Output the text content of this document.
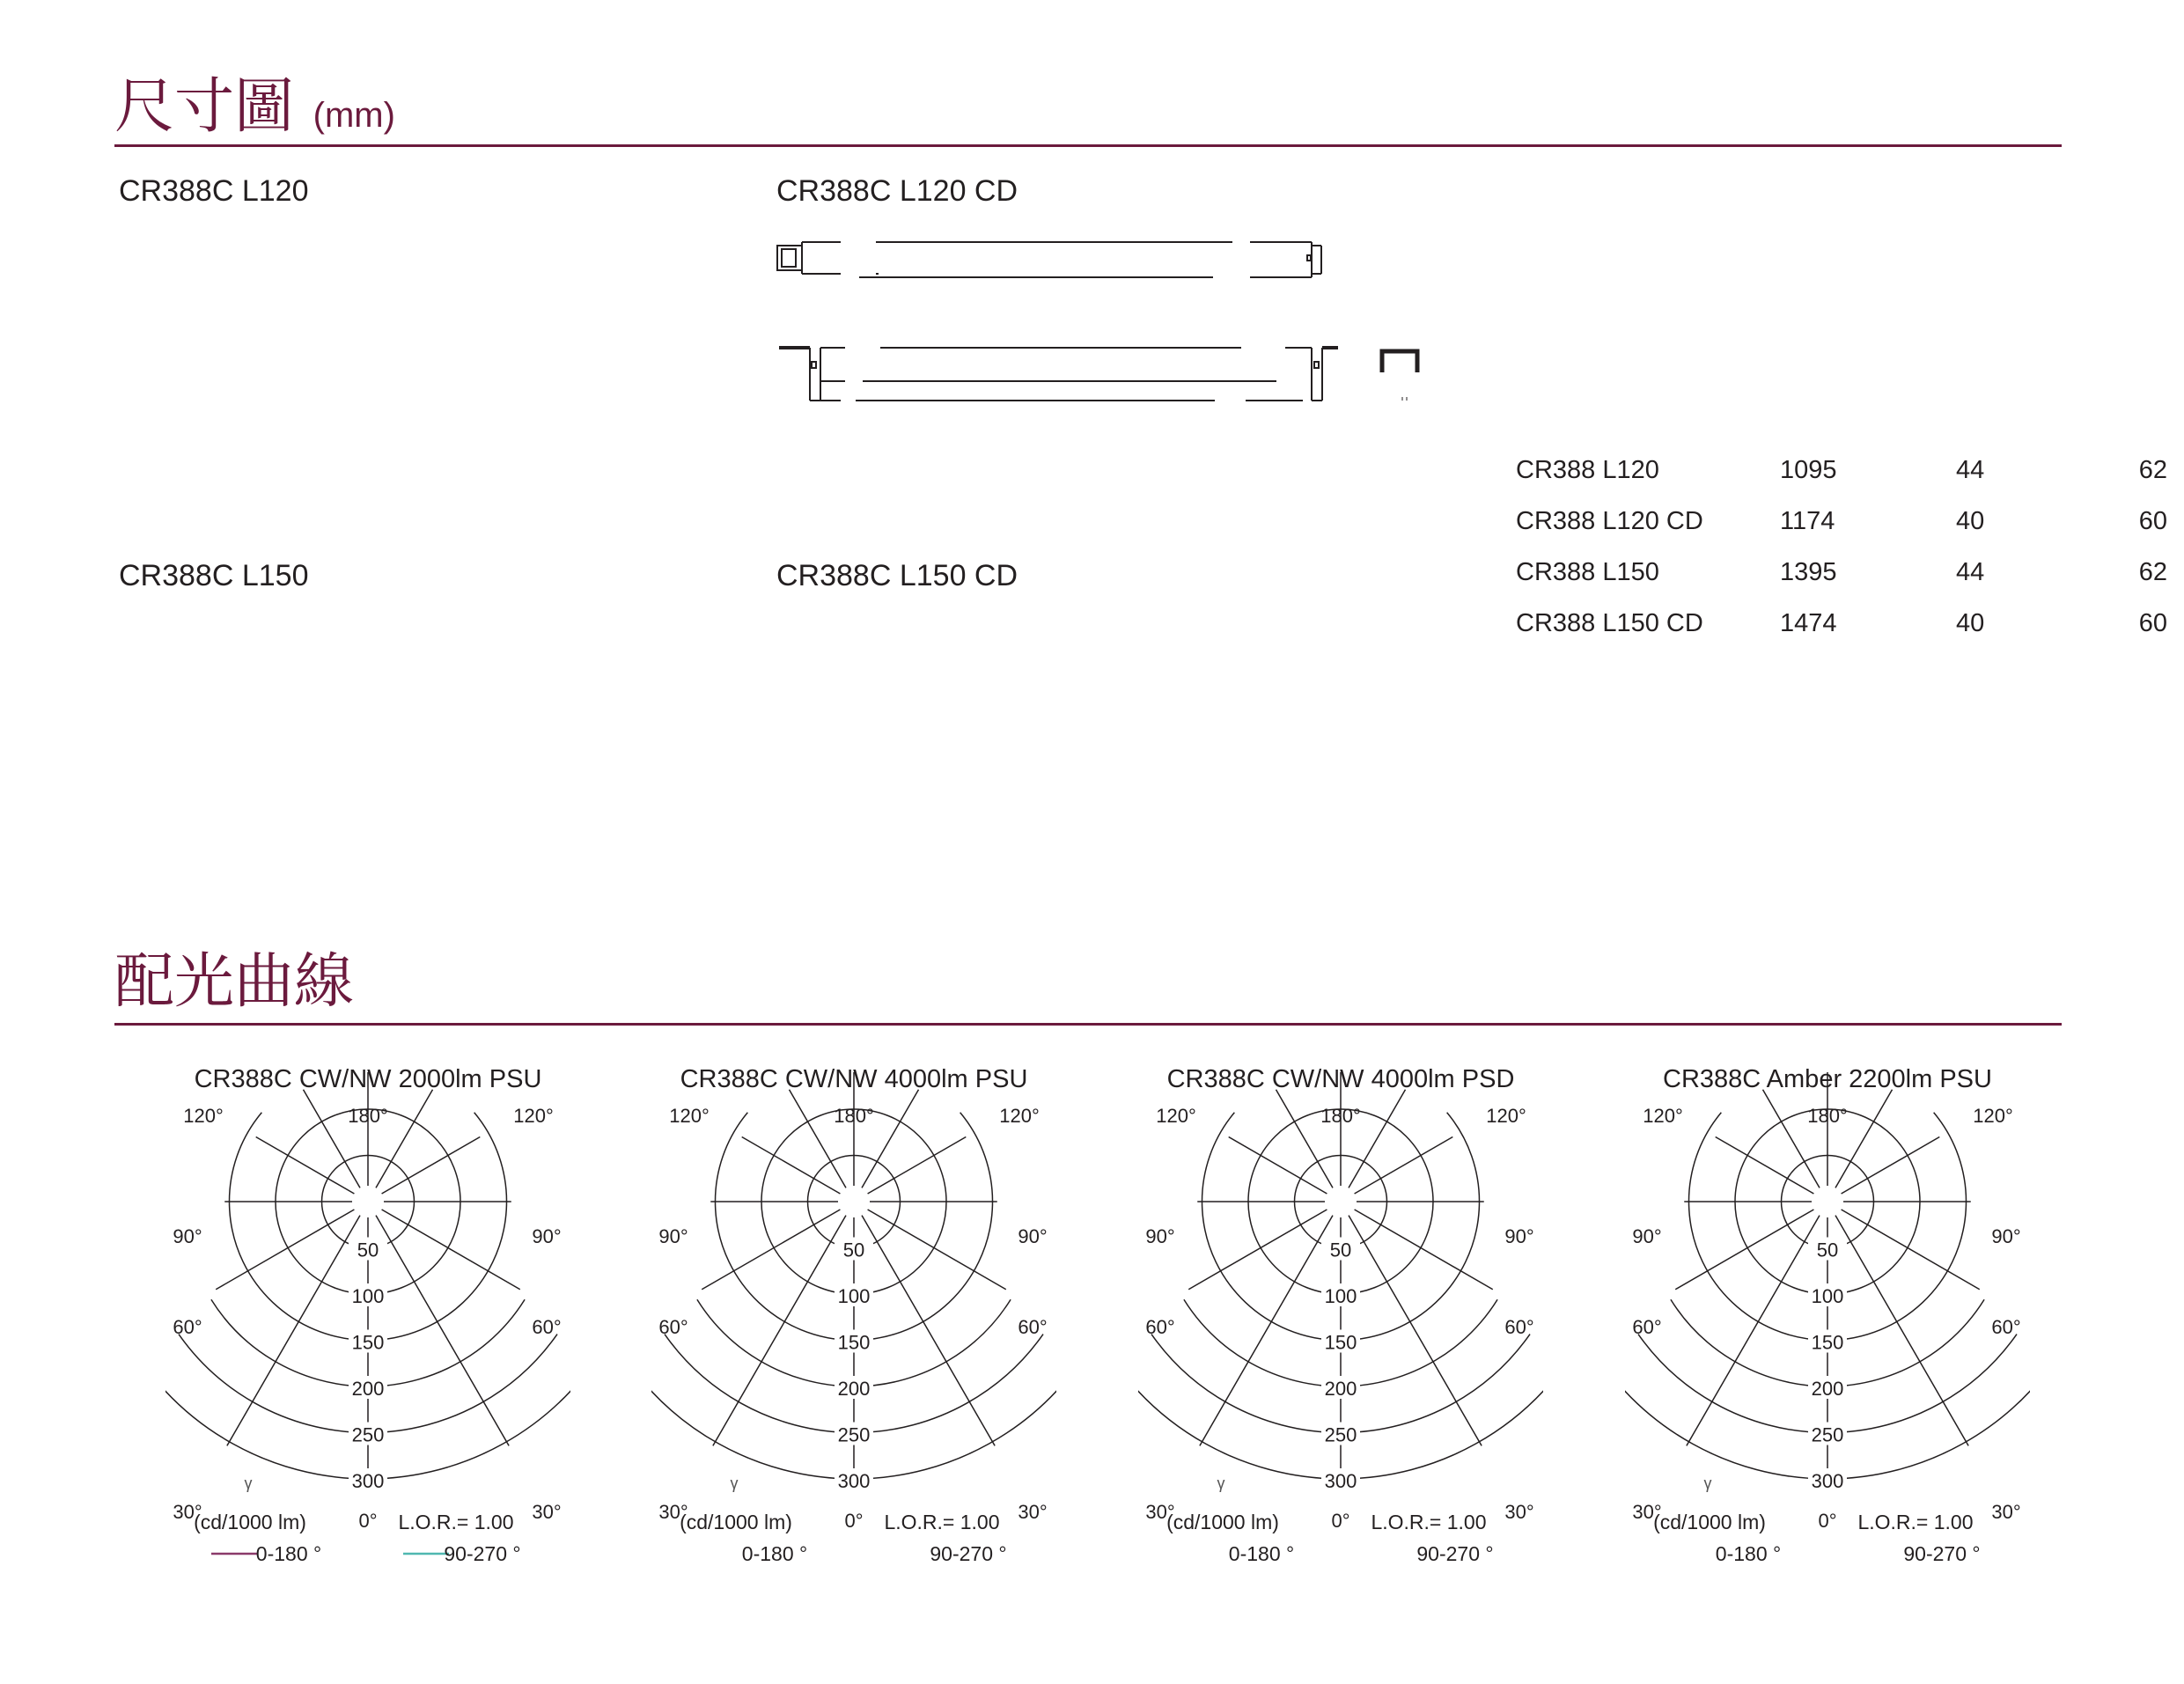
尺寸圖 (mm)
CR388C L120	CR388C L120 CD
CR388C L150	CR388C L150 CD
CR388 L120	1095	44	62
CR388 L120 CD	1174	40	60
CR388 L150	1395	44	62
CR388 L150 CD	1474	40	60
配光曲線
CR388C CW/NW 2000lm PSU
50
100
150
200
250
300
120°	180°	120°
90°	90°
60°	60°
30°	30°
0°
γ
(cd/1000 lm)	L.O.R.= 1.00
0-180 °	90-270 °
CR388C CW/NW 4000lm PSU
50
100
150
200
250
300
120°	180°	120°
90°	90°
60°	60°
30°	30°
0°
γ
(cd/1000 lm)	L.O.R.= 1.00
0-180 °	90-270 °
CR388C CW/NW 4000lm PSD
50
100
150
200
250
300
120°	180°	120°
90°	90°
60°	60°
30°	30°
0°
γ
(cd/1000 lm)	L.O.R.= 1.00
0-180 °	90-270 °
CR388C Amber 2200lm PSU
50
100
150
200
250
300
120°	180°	120°
90°	90°
60°	60°
30°	30°
0°
γ
(cd/1000 lm)	L.O.R.= 1.00
0-180 °	90-270 °
